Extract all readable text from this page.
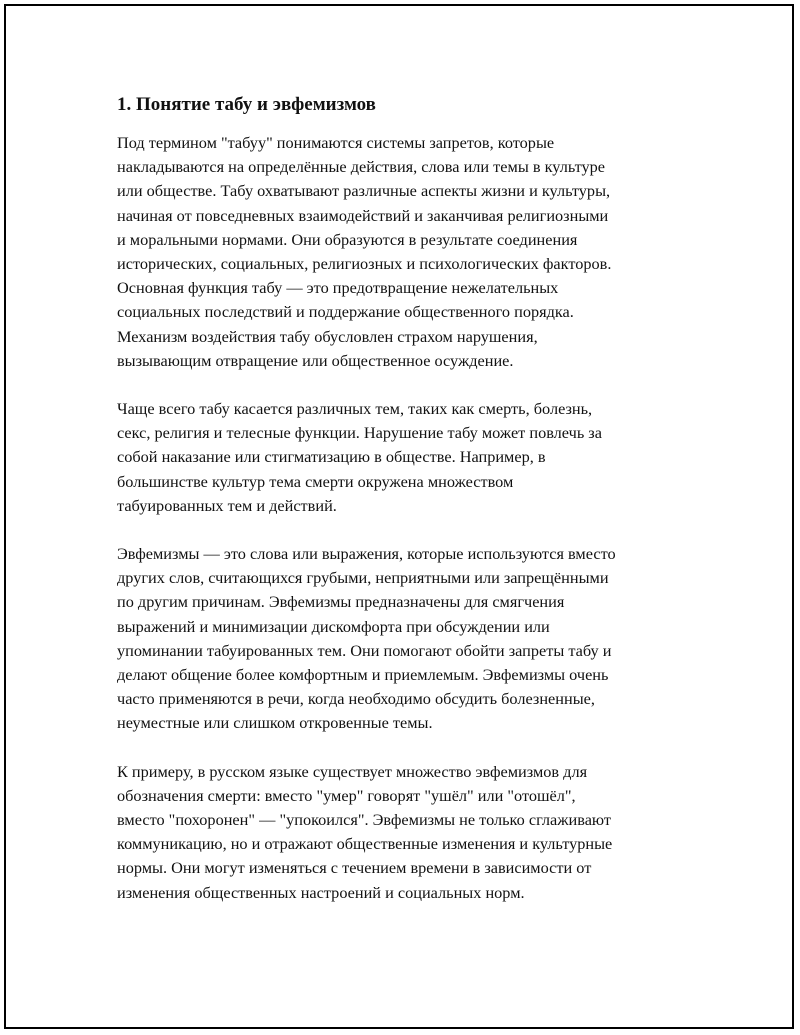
1. Понятие табу и эвфемизмов
Под термином "табуу" понимаются системы запретов, которые
накладываются на определённые действия, слова или темы в культуре
или обществе. Табу охватывают различные аспекты жизни и культуры,
начиная от повседневных взаимодействий и заканчивая религиозными
и моральными нормами. Они образуются в результате соединения
исторических, социальных, религиозных и психологических факторов.
Основная функция табу — это предотвращение нежелательных
социальных последствий и поддержание общественного порядка.
Механизм воздействия табу обусловлен страхом нарушения,
вызывающим отвращение или общественное осуждение.
Чаще всего табу касается различных тем, таких как смерть, болезнь,
секс, религия и телесные функции. Нарушение табу может повлечь за
собой наказание или стигматизацию в обществе. Например, в
большинстве культур тема смерти окружена множеством
табуированных тем и действий.
Эвфемизмы — это слова или выражения, которые используются вместо
других слов, считающихся грубыми, неприятными или запрещёнными
по другим причинам. Эвфемизмы предназначены для смягчения
выражений и минимизации дискомфорта при обсуждении или
упоминании табуированных тем. Они помогают обойти запреты табу и
делают общение более комфортным и приемлемым. Эвфемизмы очень
часто применяются в речи, когда необходимо обсудить болезненные,
неуместные или слишком откровенные темы.
К примеру, в русском языке существует множество эвфемизмов для
обозначения смерти: вместо "умер" говорят "ушёл" или "отошёл",
вместо "похоронен" — "упокоился". Эвфемизмы не только сглаживают
коммуникацию, но и отражают общественные изменения и культурные
нормы. Они могут изменяться с течением времени в зависимости от
изменения общественных настроений и социальных норм.
